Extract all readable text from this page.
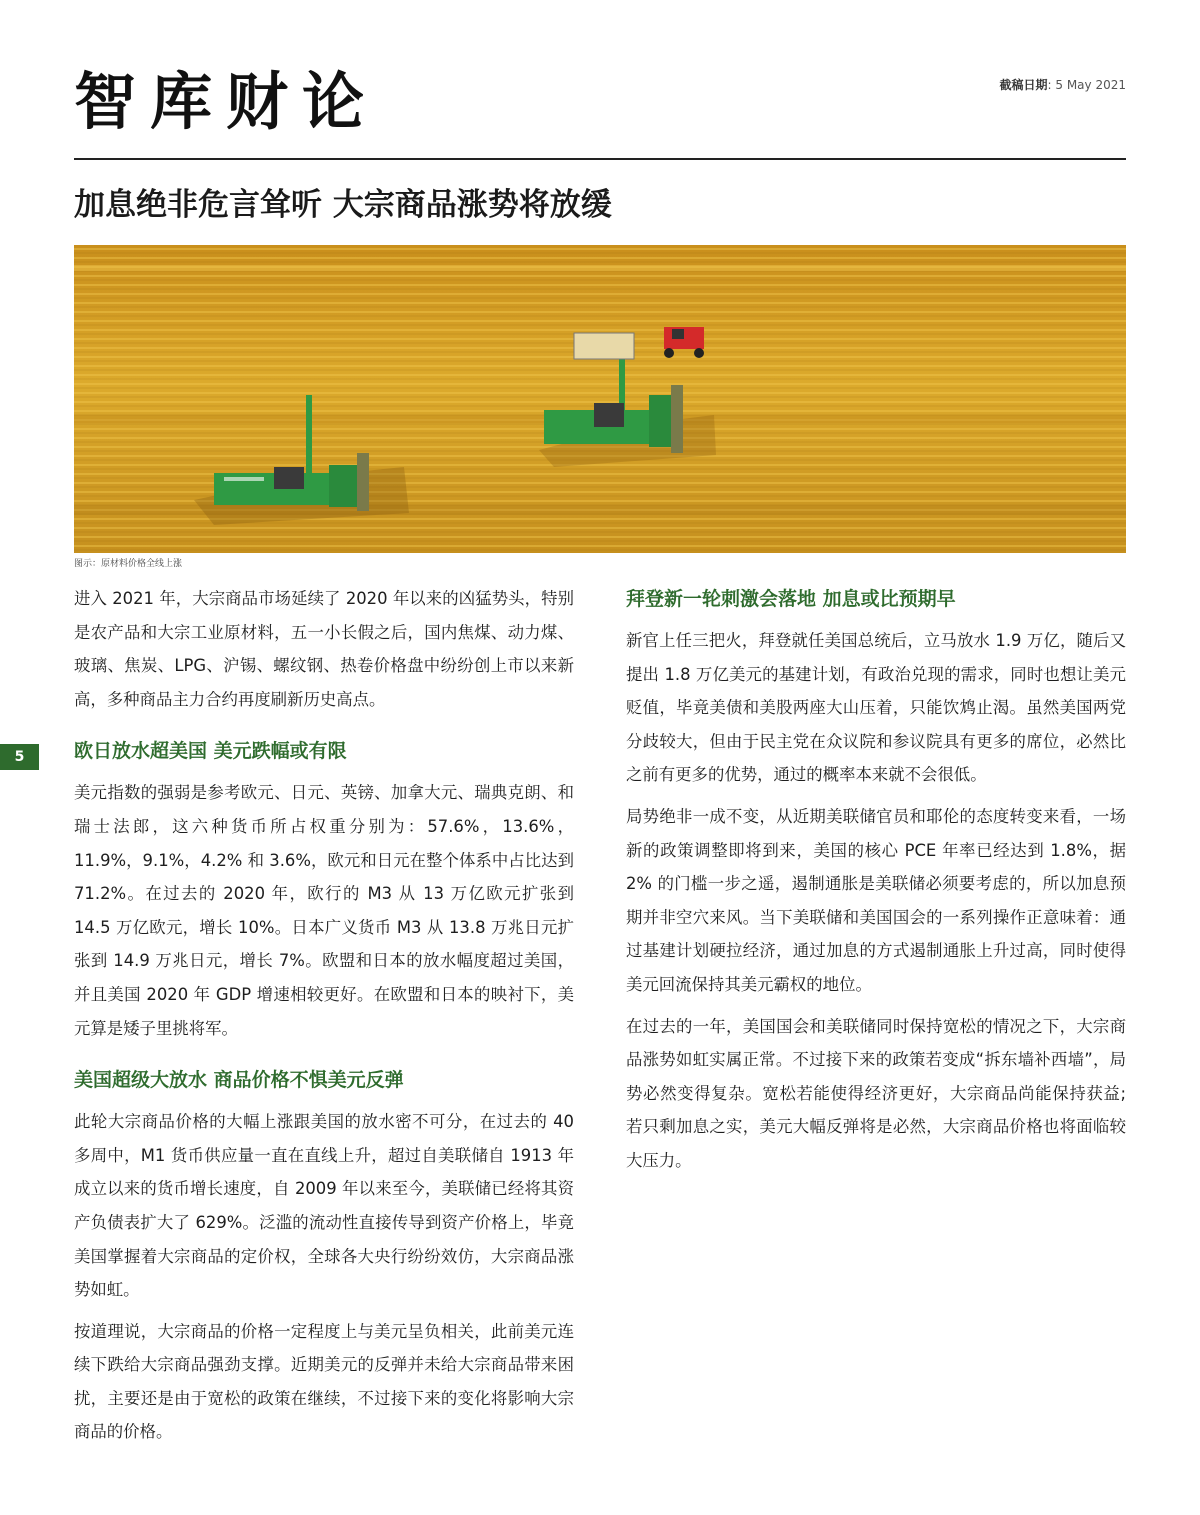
智库财论	截稿日期: 5 May 2021
加息绝非危言耸听 大宗商品涨势将放缓
图示：原材料价格全线上涨
5

进入 2021 年，大宗商品市场延续了 2020 年以来的凶猛势头，特别是农产品和大宗工业原材料，五一小长假之后，国内焦煤、动力煤、玻璃、焦炭、LPG、沪锡、螺纹钢、热卷价格盘中纷纷创上市以来新高，多种商品主力合约再度刷新历史高点。

欧日放水超美国 美元跌幅或有限

美元指数的强弱是参考欧元、日元、英镑、加拿大元、瑞典克朗、和瑞士法郎，这六种货币所占权重分别为：57.6%，13.6%，11.9%，9.1%，4.2% 和 3.6%，欧元和日元在整个体系中占比达到 71.2%。在过去的 2020 年，欧行的 M3 从 13 万亿欧元扩张到 14.5 万亿欧元，增长 10%。日本广义货币 M3 从 13.8 万兆日元扩张到 14.9 万兆日元，增长 7%。欧盟和日本的放水幅度超过美国，并且美国 2020 年 GDP 增速相较更好。在欧盟和日本的映衬下，美元算是矮子里挑将军。

美国超级大放水 商品价格不惧美元反弹

此轮大宗商品价格的大幅上涨跟美国的放水密不可分，在过去的 40 多周中，M1 货币供应量一直在直线上升，超过自美联储自 1913 年成立以来的货币增长速度，自 2009 年以来至今，美联储已经将其资产负债表扩大了 629%。泛滥的流动性直接传导到资产价格上，毕竟美国掌握着大宗商品的定价权，全球各大央行纷纷效仿，大宗商品涨势如虹。

按道理说，大宗商品的价格一定程度上与美元呈负相关，此前美元连续下跌给大宗商品强劲支撑。近期美元的反弹并未给大宗商品带来困扰，主要还是由于宽松的政策在继续，不过接下来的变化将影响大宗商品的价格。

拜登新一轮刺激会落地 加息或比预期早

新官上任三把火，拜登就任美国总统后，立马放水 1.9 万亿，随后又提出 1.8 万亿美元的基建计划，有政治兑现的需求，同时也想让美元贬值，毕竟美债和美股两座大山压着，只能饮鸩止渴。虽然美国两党分歧较大，但由于民主党在众议院和参议院具有更多的席位，必然比之前有更多的优势，通过的概率本来就不会很低。

局势绝非一成不变，从近期美联储官员和耶伦的态度转变来看，一场新的政策调整即将到来，美国的核心 PCE 年率已经达到 1.8%，据 2% 的门槛一步之遥，遏制通胀是美联储必须要考虑的，所以加息预期并非空穴来风。当下美联储和美国国会的一系列操作正意味着：通过基建计划硬拉经济，通过加息的方式遏制通胀上升过高，同时使得美元回流保持其美元霸权的地位。

在过去的一年，美国国会和美联储同时保持宽松的情况之下，大宗商品涨势如虹实属正常。不过接下来的政策若变成“拆东墙补西墙”，局势必然变得复杂。宽松若能使得经济更好，大宗商品尚能保持获益; 若只剩加息之实，美元大幅反弹将是必然，大宗商品价格也将面临较大压力。
